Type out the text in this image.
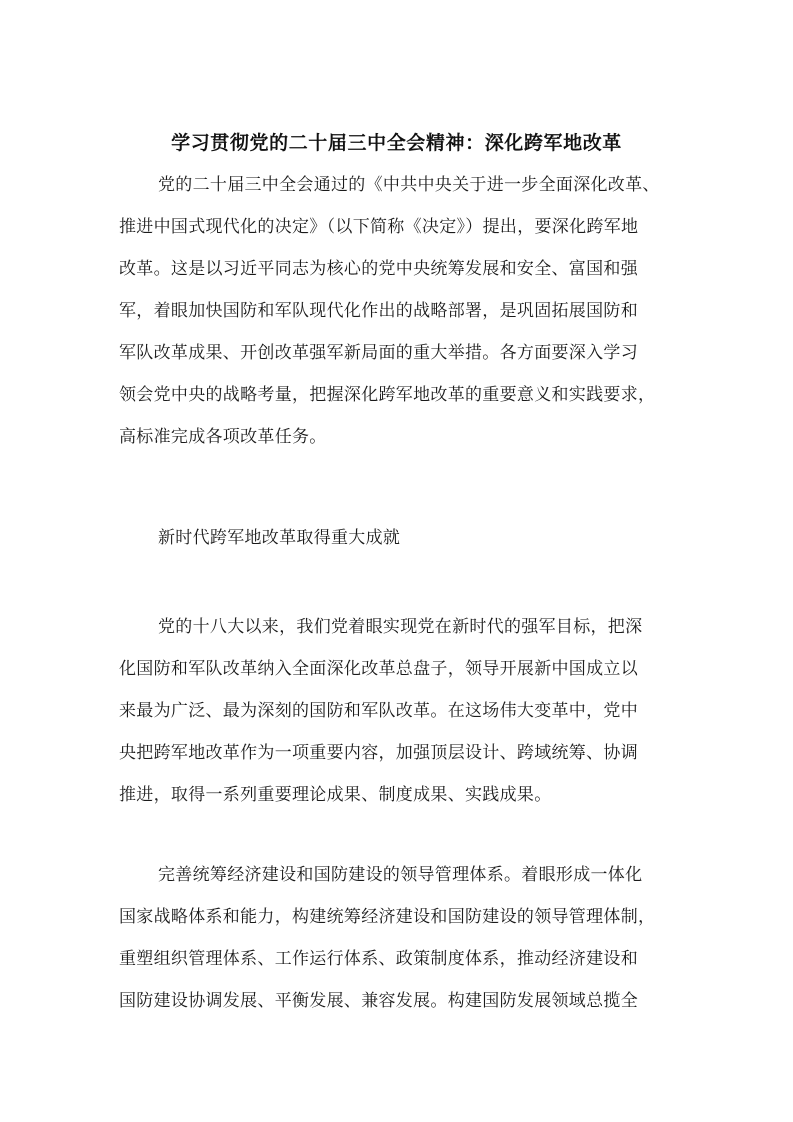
学习贯彻党的二十届三中全会精神：深化跨军地改革
党的二十届三中全会通过的《中共中央关于进一步全面深化改革、
推进中国式现代化的决定》（以下简称《决定》）提出，要深化跨军地
改革。这是以习近平同志为核心的党中央统筹发展和安全、富国和强
军，着眼加快国防和军队现代化作出的战略部署，是巩固拓展国防和
军队改革成果、开创改革强军新局面的重大举措。各方面要深入学习
领会党中央的战略考量，把握深化跨军地改革的重要意义和实践要求，
高标准完成各项改革任务。
新时代跨军地改革取得重大成就
党的十八大以来，我们党着眼实现党在新时代的强军目标，把深
化国防和军队改革纳入全面深化改革总盘子，领导开展新中国成立以
来最为广泛、最为深刻的国防和军队改革。在这场伟大变革中，党中
央把跨军地改革作为一项重要内容，加强顶层设计、跨域统筹、协调
推进，取得一系列重要理论成果、制度成果、实践成果。
完善统筹经济建设和国防建设的领导管理体系。着眼形成一体化
国家战略体系和能力，构建统筹经济建设和国防建设的领导管理体制，
重塑组织管理体系、工作运行体系、政策制度体系，推动经济建设和
国防建设协调发展、平衡发展、兼容发展。构建国防发展领域总揽全
